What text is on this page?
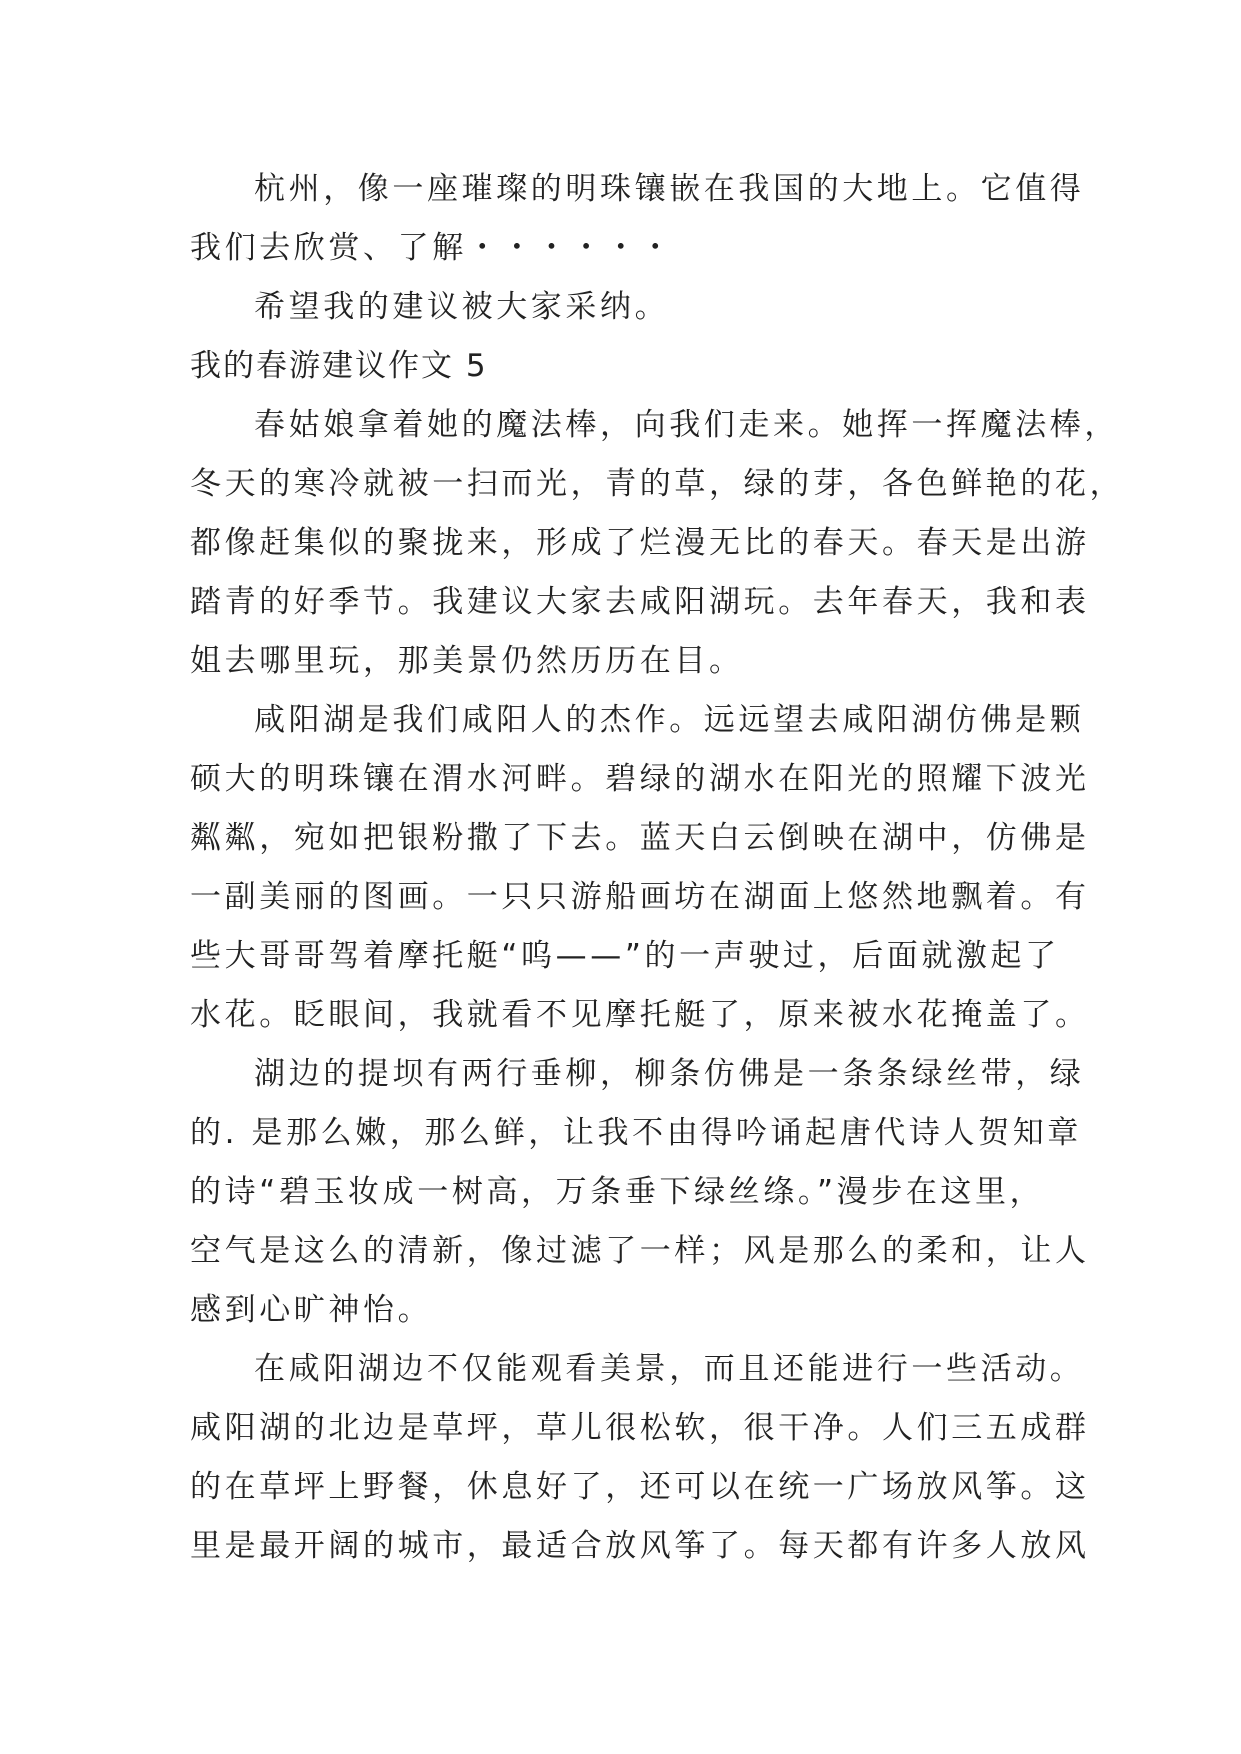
杭州，像一座璀璨的明珠镶嵌在我国的大地上。它值得
我们去欣赏、了解・・・・・・
希望我的建议被大家采纳。
我的春游建议作文 5
春姑娘拿着她的魔法棒，向我们走来。她挥一挥魔法棒，
冬天的寒冷就被一扫而光，青的草，绿的芽，各色鲜艳的花，
都像赶集似的聚拢来，形成了烂漫无比的春天。春天是出游
踏青的好季节。我建议大家去咸阳湖玩。去年春天，我和表
姐去哪里玩，那美景仍然历历在目。
咸阳湖是我们咸阳人的杰作。远远望去咸阳湖仿佛是颗
硕大的明珠镶在渭水河畔。碧绿的湖水在阳光的照耀下波光
粼粼，宛如把银粉撒了下去。蓝天白云倒映在湖中，仿佛是
一副美丽的图画。一只只游船画坊在湖面上悠然地飘着。有
些大哥哥驾着摩托艇“呜——”的一声驶过，后面就激起了
水花。眨眼间，我就看不见摩托艇了，原来被水花掩盖了。
湖边的提坝有两行垂柳，柳条仿佛是一条条绿丝带，绿
的. 是那么嫩，那么鲜，让我不由得吟诵起唐代诗人贺知章
的诗“碧玉妆成一树高，万条垂下绿丝绦。”漫步在这里，
空气是这么的清新，像过滤了一样；风是那么的柔和，让人
感到心旷神怡。
在咸阳湖边不仅能观看美景，而且还能进行一些活动。
咸阳湖的北边是草坪，草儿很松软，很干净。人们三五成群
的在草坪上野餐，休息好了，还可以在统一广场放风筝。这
里是最开阔的城市，最适合放风筝了。每天都有许多人放风
